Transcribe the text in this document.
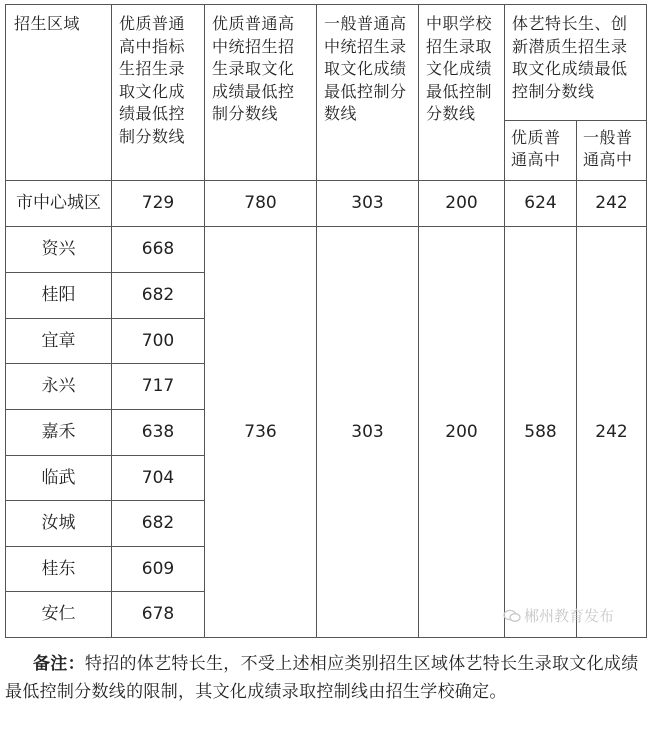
招生区域	优质普通高中指标生招生录取文化成绩最低控制分数线	优质普通高中统招生招生录取文化成绩最低控制分数线	一般普通高中统招生录取文化成绩最低控制分数线	中职学校招生录取文化成绩最低控制分数线	体艺特长生、创新潜质生招生录取文化成绩最低控制分数线	
					优质普通高中	一般普通高中
市中心城区	729	780	303	200	624	242
资兴	668	736	303	200	588	242
桂阳	682					
宜章	700					
永兴	717					
嘉禾	638					
临武	704					
汝城	682					
桂东	609					
安仁	678						郴州教育发布

备注：特招的体艺特长生，不受上述相应类别招生区域体艺特长生录取文化成绩最低控制分数线的限制，其文化成绩录取控制线由招生学校确定。
